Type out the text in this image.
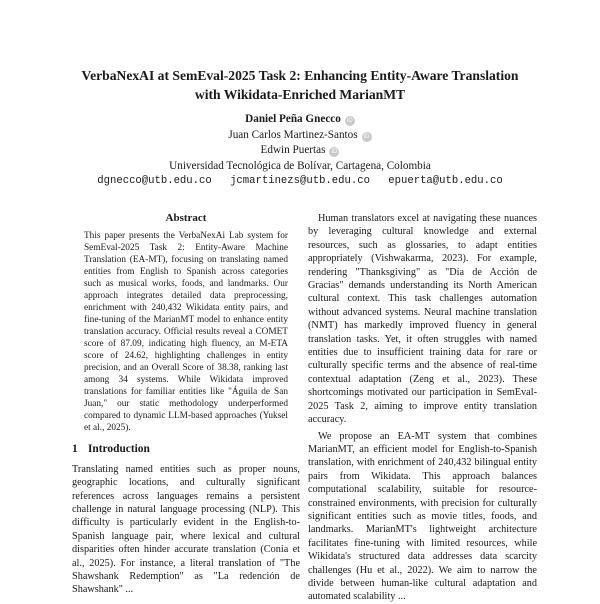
VerbaNexAI at SemEval-2025 Task 2: Enhancing Entity-Aware Translation
with Wikidata-Enriched MarianMT
Daniel Peña Gnecco iD
Juan Carlos Martinez-Santos iD
Edwin Puertas iD
Universidad Tecnológica de Bolívar, Cartagena, Colombia
dgnecco@utb.edu.co jcmartinezs@utb.edu.co epuerta@utb.edu.co
Abstract

This paper presents the VerbaNexAi Lab system for SemEval-2025 Task 2: Entity-Aware Machine Translation (EA-MT), focusing on translating named entities from English to Spanish across categories such as musical works, foods, and landmarks. Our approach integrates detailed data preprocessing, enrichment with 240,432 Wikidata entity pairs, and fine-tuning of the MarianMT model to enhance entity translation accuracy. Official results reveal a COMET score of 87.09, indicating high fluency, an M-ETA score of 24.62, highlighting challenges in entity precision, and an Overall Score of 38.38, ranking last among 34 systems. While Wikidata improved translations for familiar entities like "Águila de San Juan," our static methodology underperformed compared to dynamic LLM-based approaches (Yuksel et al., 2025).

1 Introduction

Translating named entities such as proper nouns, geographic locations, and culturally significant references across languages remains a persistent challenge in natural language processing (NLP). This difficulty is particularly evident in the English-to-Spanish language pair, where lexical and cultural disparities often hinder accurate translation (Conia et al., 2025). For instance, a literal translation of "The Shawshank Redemption" as "La redención de Shawshank" ...

Human translators excel at navigating these nuances by leveraging cultural knowledge and external resources, such as glossaries, to adapt entities appropriately (Vishwakarma, 2023). For example, rendering "Thanksgiving" as "Día de Acción de Gracias" demands understanding its North American cultural context. This task challenges automation without advanced systems. Neural machine translation (NMT) has markedly improved fluency in general translation tasks. Yet, it often struggles with named entities due to insufficient training data for rare or culturally specific terms and the absence of real-time contextual adaptation (Zeng et al., 2023). These shortcomings motivated our participation in SemEval-2025 Task 2, aiming to improve entity translation accuracy.

We propose an EA-MT system that combines MarianMT, an efficient model for English-to-Spanish translation, with enrichment of 240,432 bilingual entity pairs from Wikidata. This approach balances computational scalability, suitable for resource-constrained environments, with precision for culturally significant entities such as movie titles, foods, and landmarks. MarianMT's lightweight architecture facilitates fine-tuning with limited resources, while Wikidata's structured data addresses data scarcity challenges (Hu et al., 2022). We aim to narrow the divide between human-like cultural adaptation and automated scalability ...
